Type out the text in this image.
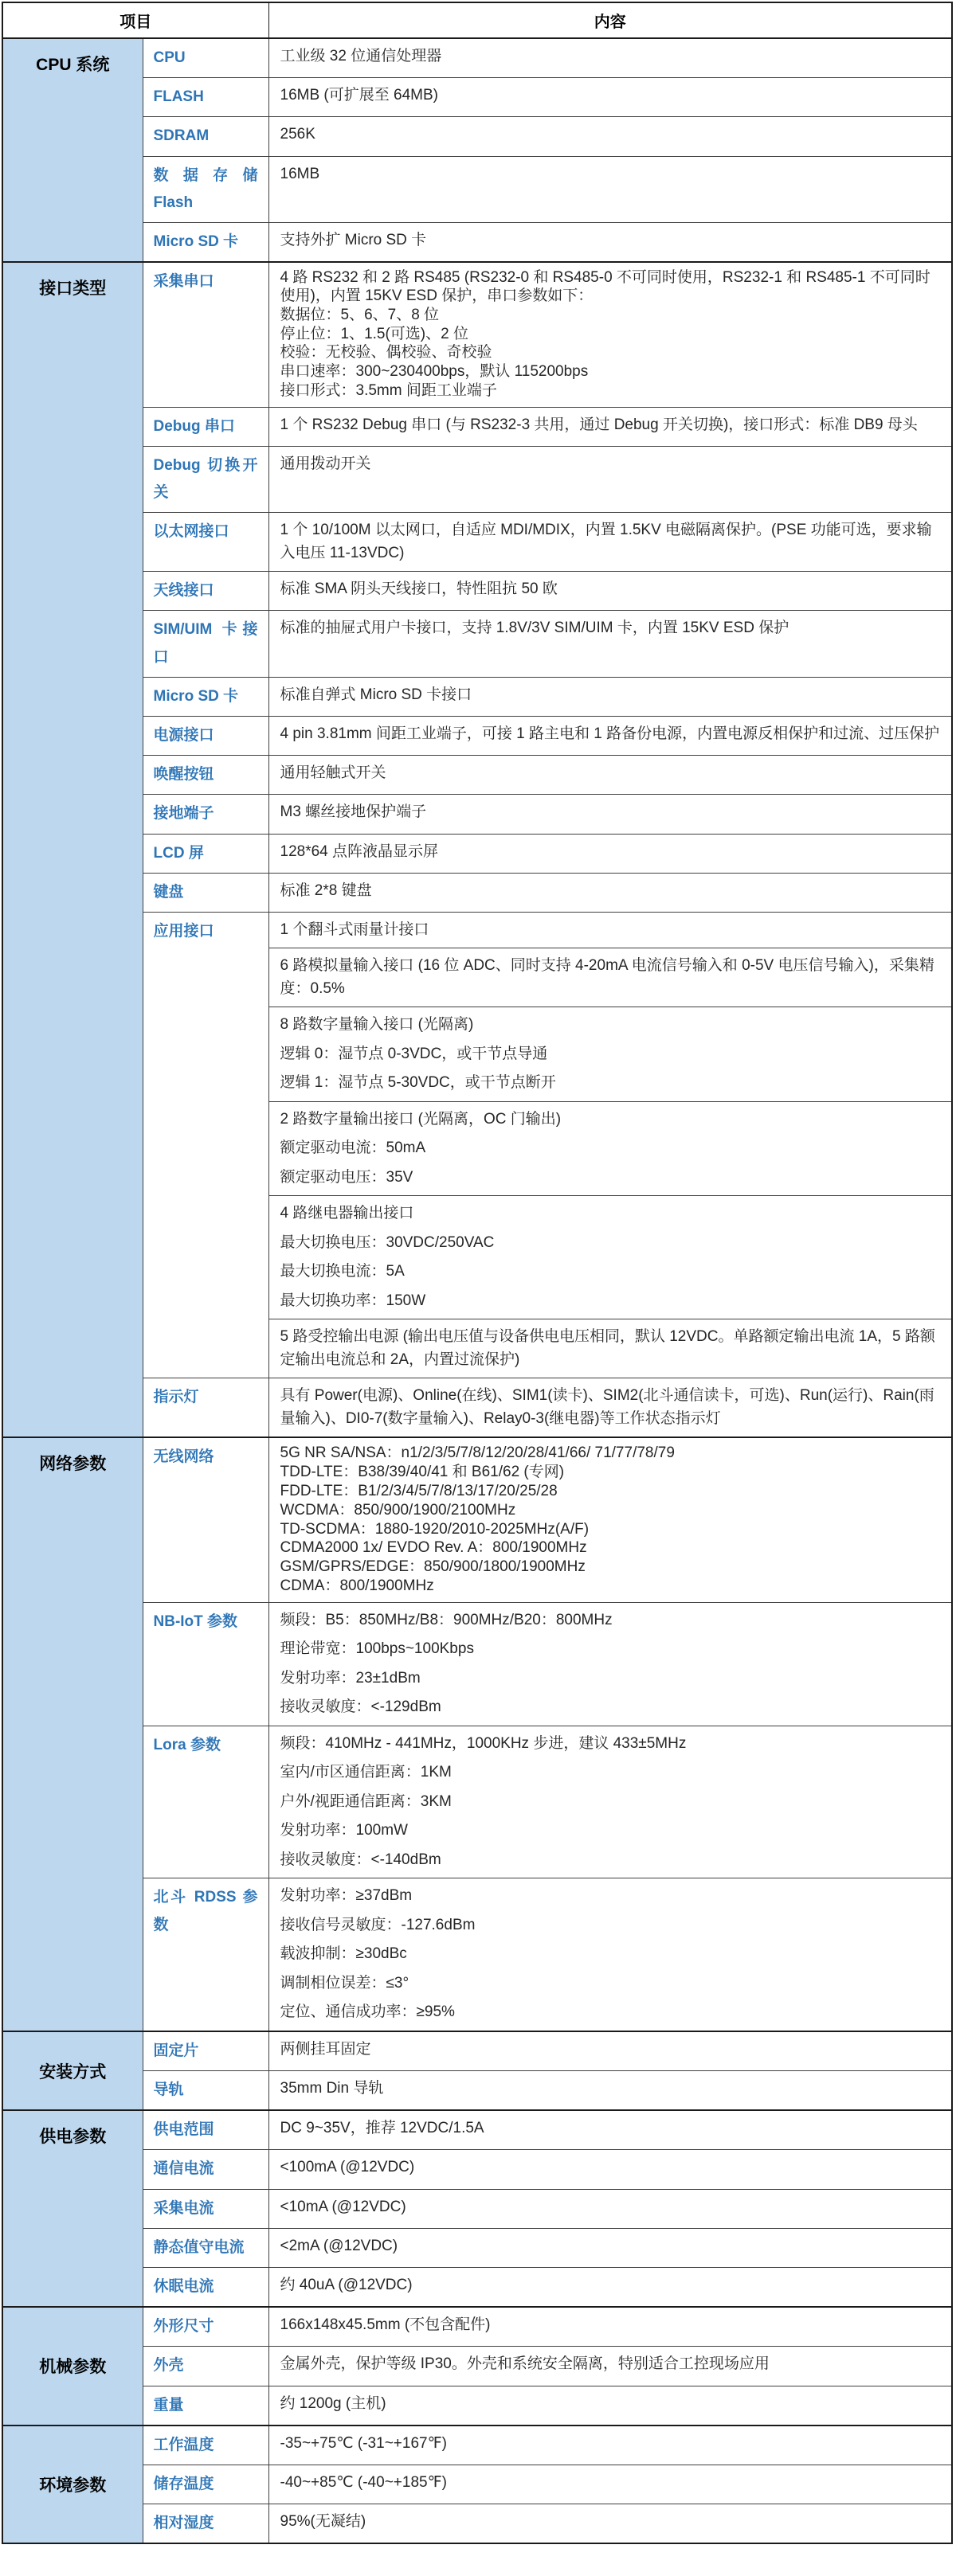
项目		内容
CPU 系统	CPU	工业级 32 位通信处理器

	FLASH	16MB (可扩展至 64MB)

	SDRAM	256K

	数 据 存 储 Flash	16MB

	Micro SD 卡	支持外扩 Micro SD 卡

接口类型	采集串口	4 路 RS232 和 2 路 RS485 (RS232-0 和 RS485-0 不可同时使用，RS232-1 和 RS485-1 不可同时使用)，内置 15KV ESD 保护，串口参数如下：
数据位：5、6、7、8 位
停止位：1、1.5(可选)、2 位
校验：无校验、偶校验、奇校验
串口速率：300~230400bps，默认 115200bps
接口形式：3.5mm 间距工业端子

	Debug 串口	1 个 RS232 Debug 串口 (与 RS232-3 共用，通过 Debug 开关切换)，接口形式：标准 DB9 母头

	Debug 切换开关	通用拨动开关

	以太网接口	1 个 10/100M 以太网口，自适应 MDI/MDIX，内置 1.5KV 电磁隔离保护。(PSE 功能可选，要求输入电压 11-13VDC)

	天线接口	标准 SMA 阴头天线接口，特性阻抗 50 欧

	SIM/UIM 卡接口	标准的抽屉式用户卡接口，支持 1.8V/3V SIM/UIM 卡，内置 15KV ESD 保护

	Micro SD 卡	标准自弹式 Micro SD 卡接口

	电源接口	4 pin 3.81mm 间距工业端子，可接 1 路主电和 1 路备份电源，内置电源反相保护和过流、过压保护

	唤醒按钮	通用轻触式开关

	接地端子	M3 螺丝接地保护端子

	LCD 屏	128*64 点阵液晶显示屏

	键盘	标准 2*8 键盘

应用接口	1 个翻斗式雨量计接口
6 路模拟量输入接口 (16 位 ADC、同时支持 4-20mA 电流信号输入和 0-5V 电压信号输入)，采集精度：0.5%
8 路数字量输入接口 (光隔离)
逻辑 0：湿节点 0-3VDC，或干节点导通
逻辑 1：湿节点 5-30VDC，或干节点断开
2 路数字量输出接口 (光隔离，OC 门输出)
额定驱动电流：50mA
额定驱动电压：35V
4 路继电器输出接口
最大切换电压：30VDC/250VAC
最大切换电流：5A
最大切换功率：150W
5 路受控输出电源 (输出电压值与设备供电电压相同，默认 12VDC。单路额定输出电流 1A，5 路额定输出电流总和 2A，内置过流保护)

	指示灯	具有 Power(电源)、Online(在线)、SIM1(读卡)、SIM2(北斗通信读卡，可选)、Run(运行)、Rain(雨量输入)、DI0-7(数字量输入)、Relay0-3(继电器)等工作状态指示灯

网络参数	无线网络	5G NR SA/NSA：n1/2/3/5/7/8/12/20/28/41/66/ 71/77/78/79
TDD-LTE：B38/39/40/41 和 B61/62 (专网)
FDD-LTE：B1/2/3/4/5/7/8/13/17/20/25/28
WCDMA：850/900/1900/2100MHz
TD-SCDMA：1880-1920/2010-2025MHz(A/F)
CDMA2000 1x/ EVDO Rev. A：800/1900MHz
GSM/GPRS/EDGE：850/900/1800/1900MHz
CDMA：800/1900MHz

	NB-IoT 参数	频段：B5：850MHz/B8：900MHz/B20：800MHz
理论带宽：100bps~100Kbps
发射功率：23±1dBm
接收灵敏度：<-129dBm

	Lora 参数	频段：410MHz - 441MHz，1000KHz 步进，建议 433±5MHz
室内/市区通信距离：1KM
户外/视距通信距离：3KM
发射功率：100mW
接收灵敏度：<-140dBm

	北斗 RDSS 参数	发射功率：≥37dBm
接收信号灵敏度：-127.6dBm
载波抑制：≥30dBc
调制相位误差：≤3°
定位、通信成功率：≥95%

安装方式	固定片	两侧挂耳固定

	导轨	35mm Din 导轨

供电参数	供电范围	DC 9~35V，推荐 12VDC/1.5A

	通信电流	<100mA (@12VDC)

	采集电流	<10mA (@12VDC)

	静态值守电流	<2mA (@12VDC)

	休眠电流	约 40uA (@12VDC)

机械参数	外形尺寸	166x148x45.5mm (不包含配件)

	外壳	金属外壳，保护等级 IP30。外壳和系统安全隔离，特别适合工控现场应用

	重量	约 1200g (主机)

环境参数	工作温度	-35~+75℃ (-31~+167℉)

	储存温度	-40~+85℃ (-40~+185℉)

	相对湿度	95%(无凝结)
